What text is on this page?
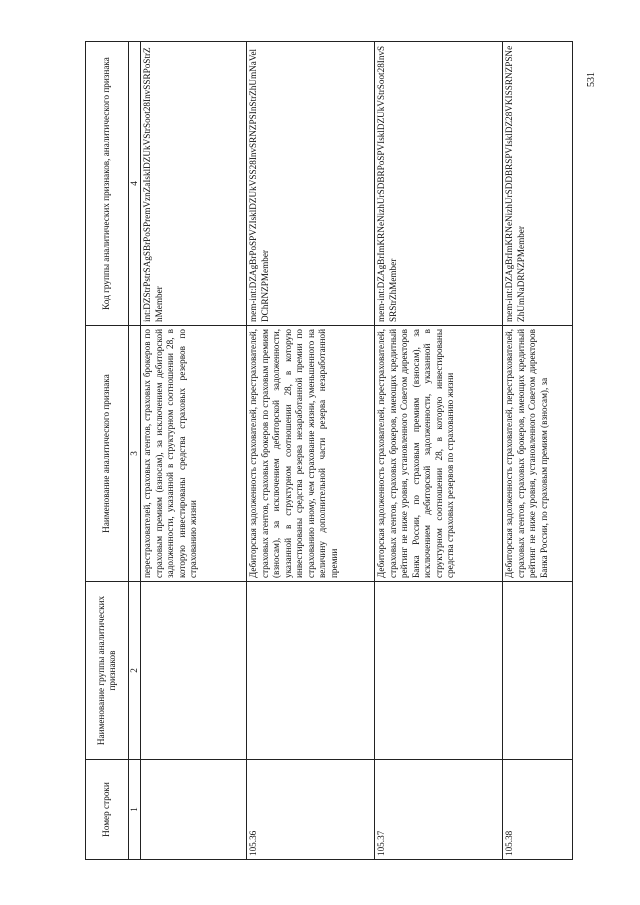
531
Номер строки	Наименование группы аналитических признаков	Наименование аналитического признака	Код группы аналитических признаков, аналитического признака
1	2	3	4
		перестрахователей, страховых агентов, страховых брокеров по страховым премиям (взносам), за исключением дебиторской задолженности, указанной в структурном соотношении 28, в которую инвестированы средства страховых резервов по страхованию жизни	int:DZStrPstrSAgSBrPoSPremVznZaIsklDZUkVStrSoot28InvSSRPoStrZhMember
105.36		Дебиторская задолженность страхователей, перестрахователей, страховых агентов, страховых брокеров по страховым премиям (взносам), за исключением дебиторской задолженности, указанной в структурном соотношении 28, в которую инвестированы средства резерва незаработанной премии по страхованию иному, чем страхование жизни, уменьшенного на величину дополнительной части резерва незаработанной премии	mem-int:DZAgBrPoSPVZIsklDZUkVSS28InvSRNZPSInStrZhUmNaVelDChRNZPMember
105.37		Дебиторская задолженность страхователей, перестрахователей, страховых агентов, страховых брокеров, имеющих кредитный рейтинг не ниже уровня, установленного Советом директоров Банка России, по страховым премиям (взносам), за исключением дебиторской задолженности, указанной в структурном соотношении 28, в которую инвестированы средства страховых резервов по страхованию жизни	mem-int:DZAgBrImKRNeNizhUrSDBRPoSPVIsklDZUkVStrSoot28InvSSRStrZhMember
105.38		Дебиторская задолженность страхователей, перестрахователей, страховых агентов, страховых брокеров, имеющих кредитный рейтинг не ниже уровня, установленного Советом директоров Банка России, по страховым премиям (взносам), за	mem-int:DZAgBrImKRNeNizhUrSDDBRSPVIsklDZ28VKISSRNZPSNeZhUmNaDRNZPMember
